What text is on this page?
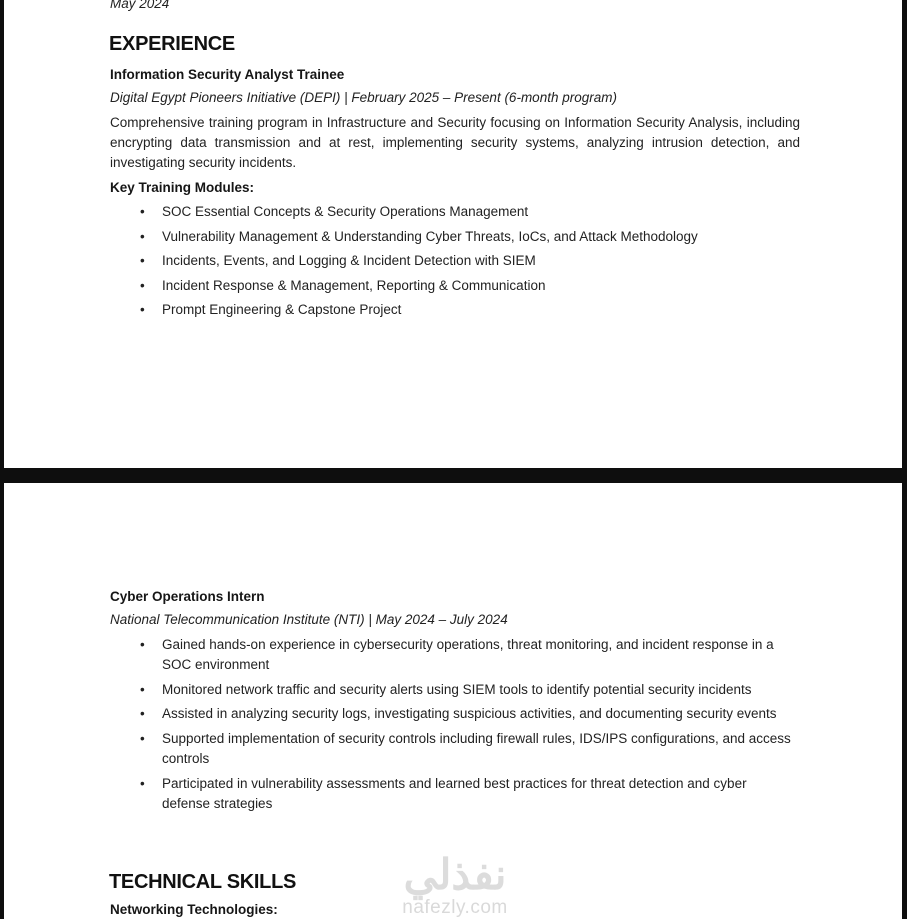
May 2024
EXPERIENCE
Information Security Analyst Trainee
Digital Egypt Pioneers Initiative (DEPI) | February 2025 – Present (6-month program)

Comprehensive training program in Infrastructure and Security focusing on Information Security Analysis, including encrypting data transmission and at rest, implementing security systems, analyzing intrusion detection, and investigating security incidents.

Key Training Modules:
•	SOC Essential Concepts & Security Operations Management
•	Vulnerability Management & Understanding Cyber Threats, IoCs, and Attack Methodology
•	Incidents, Events, and Logging & Incident Detection with SIEM
•	Incident Response & Management, Reporting & Communication
•	Prompt Engineering & Capstone Project
نفذلي
nafezly.com
Cyber Operations Intern
National Telecommunication Institute (NTI) | May 2024 – July 2024
•	Gained hands-on experience in cybersecurity operations, threat monitoring, and incident response in a SOC environment
•	Monitored network traffic and security alerts using SIEM tools to identify potential security incidents
•	Assisted in analyzing security logs, investigating suspicious activities, and documenting security events
•	Supported implementation of security controls including firewall rules, IDS/IPS configurations, and access controls
•	Participated in vulnerability assessments and learned best practices for threat detection and cyber defense strategies
TECHNICAL SKILLS
Networking Technologies:
